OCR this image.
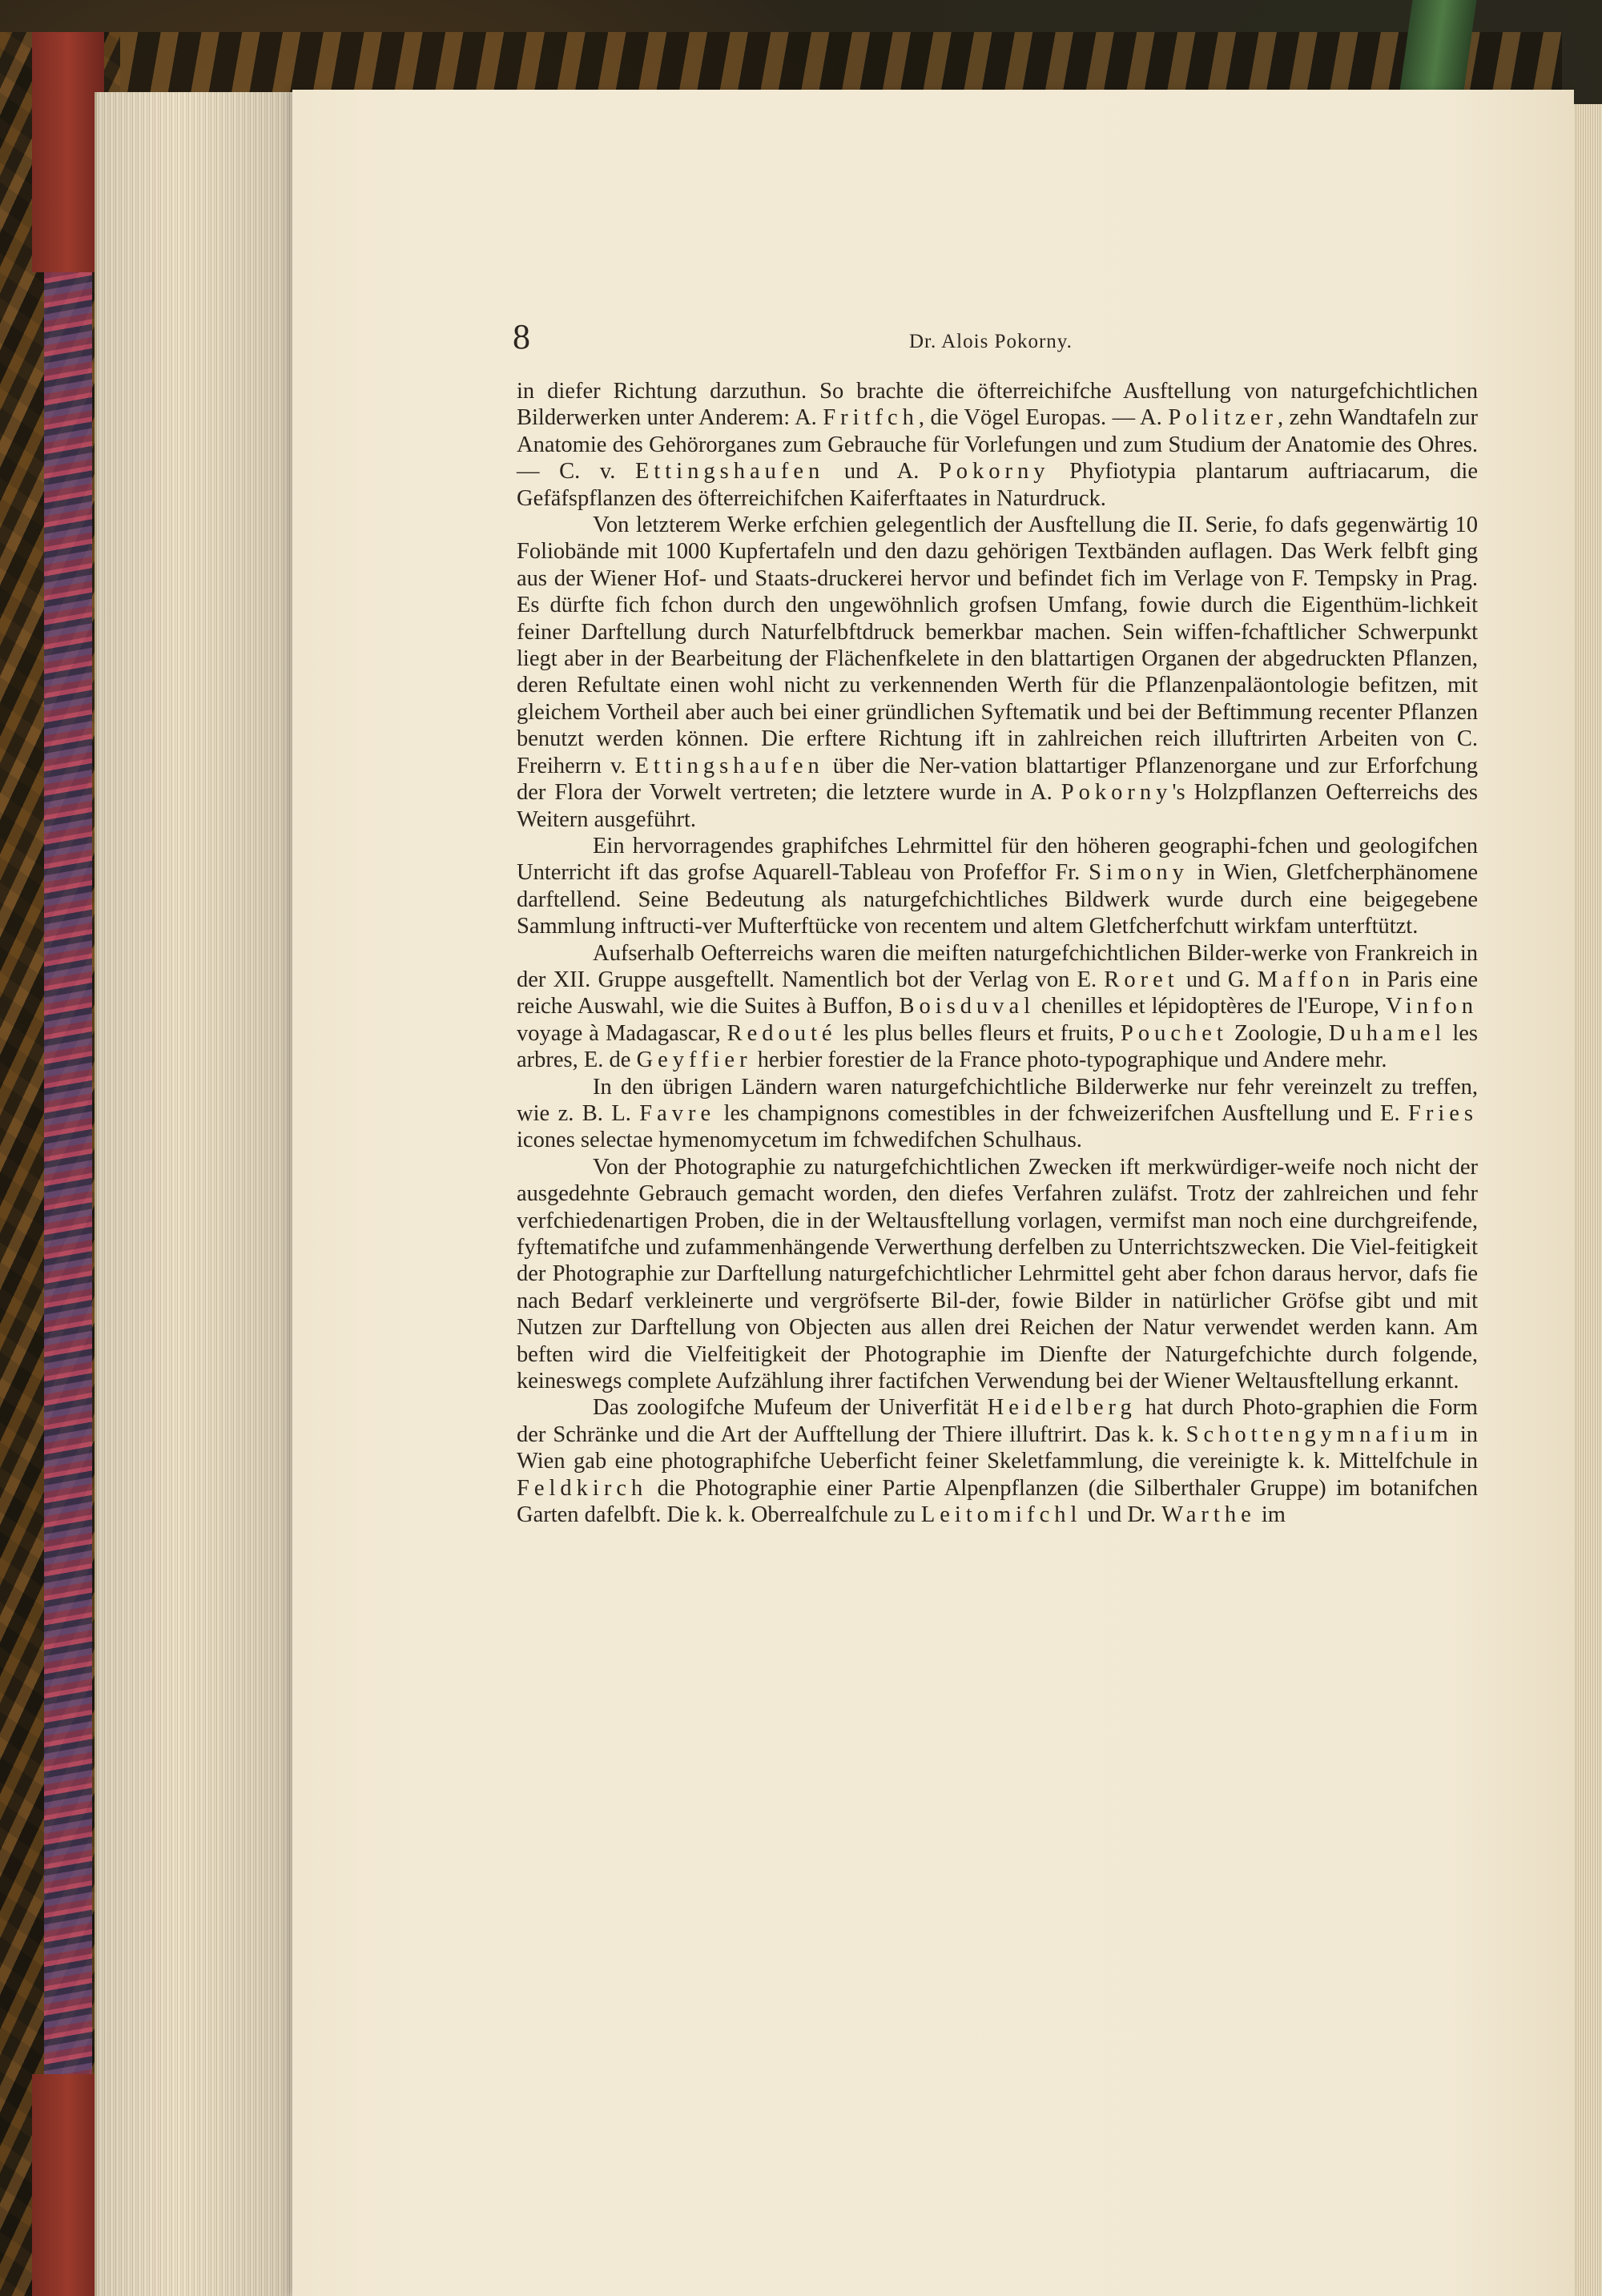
8	Dr. Alois Pokorny.

in diefer Richtung darzuthun. So brachte die öfterreichifche Ausftellung von naturgefchichtlichen Bilderwerken unter Anderem: A. Fritfch, die Vögel Europas. — A. Politzer, zehn Wandtafeln zur Anatomie des Gehörorganes zum Gebrauche für Vorlefungen und zum Studium der Anatomie des Ohres. — C. v. Ettingshaufen und A. Pokorny Phyfiotypia plantarum auftriacarum, die Gefäfspflanzen des öfterreichifchen Kaiferftaates in Naturdruck.

Von letzterem Werke erfchien gelegentlich der Ausftellung die II. Serie, fo dafs gegenwärtig 10 Foliobände mit 1000 Kupfertafeln und den dazu gehörigen Textbänden auflagen. Das Werk felbft ging aus der Wiener Hof- und Staats-druckerei hervor und befindet fich im Verlage von F. Tempsky in Prag. Es dürfte fich fchon durch den ungewöhnlich grofsen Umfang, fowie durch die Eigenthüm-lichkeit feiner Darftellung durch Naturfelbftdruck bemerkbar machen. Sein wiffen-fchaftlicher Schwerpunkt liegt aber in der Bearbeitung der Flächenfkelete in den blattartigen Organen der abgedruckten Pflanzen, deren Refultate einen wohl nicht zu verkennenden Werth für die Pflanzenpaläontologie befitzen, mit gleichem Vortheil aber auch bei einer gründlichen Syftematik und bei der Beftimmung recenter Pflanzen benutzt werden können. Die erftere Richtung ift in zahlreichen reich illuftrirten Arbeiten von C. Freiherrn v. Ettingshaufen über die Ner-vation blattartiger Pflanzenorgane und zur Erforfchung der Flora der Vorwelt vertreten; die letztere wurde in A. Pokorny's Holzpflanzen Oefterreichs des Weitern ausgeführt.

Ein hervorragendes graphifches Lehrmittel für den höheren geographi-fchen und geologifchen Unterricht ift das grofse Aquarell-Tableau von Profeffor Fr. Simony in Wien, Gletfcherphänomene darftellend. Seine Bedeutung als naturgefchichtliches Bildwerk wurde durch eine beigegebene Sammlung inftructi-ver Mufterftücke von recentem und altem Gletfcherfchutt wirkfam unterftützt.

Aufserhalb Oefterreichs waren die meiften naturgefchichtlichen Bilder-werke von Frankreich in der XII. Gruppe ausgeftellt. Namentlich bot der Verlag von E. Roret und G. Maffon in Paris eine reiche Auswahl, wie die Suites à Buffon, Boisduval chenilles et lépidoptères de l'Europe, Vinfon voyage à Madagascar, Redouté les plus belles fleurs et fruits, Pouchet Zoologie, Duhamel les arbres, E. de Geyffier herbier forestier de la France photo-typographique und Andere mehr.

In den übrigen Ländern waren naturgefchichtliche Bilderwerke nur fehr vereinzelt zu treffen, wie z. B. L. Favre les champignons comestibles in der fchweizerifchen Ausftellung und E. Fries icones selectae hymenomycetum im fchwedifchen Schulhaus.

Von der Photographie zu naturgefchichtlichen Zwecken ift merkwürdiger-weife noch nicht der ausgedehnte Gebrauch gemacht worden, den diefes Verfahren zuläfst. Trotz der zahlreichen und fehr verfchiedenartigen Proben, die in der Weltausftellung vorlagen, vermifst man noch eine durchgreifende, fyftematifche und zufammenhängende Verwerthung derfelben zu Unterrichtszwecken. Die Viel-feitigkeit der Photographie zur Darftellung naturgefchichtlicher Lehrmittel geht aber fchon daraus hervor, dafs fie nach Bedarf verkleinerte und vergröfserte Bil-der, fowie Bilder in natürlicher Gröfse gibt und mit Nutzen zur Darftellung von Objecten aus allen drei Reichen der Natur verwendet werden kann. Am beften wird die Vielfeitigkeit der Photographie im Dienfte der Naturgefchichte durch folgende, keineswegs complete Aufzählung ihrer factifchen Verwendung bei der Wiener Weltausftellung erkannt.

Das zoologifche Mufeum der Univerfität Heidelberg hat durch Photo-graphien die Form der Schränke und die Art der Aufftellung der Thiere illuftrirt. Das k. k. Schottengymnafium in Wien gab eine photographifche Ueberficht feiner Skeletfammlung, die vereinigte k. k. Mittelfchule in Feldkirch die Photographie einer Partie Alpenpflanzen (die Silberthaler Gruppe) im botanifchen Garten dafelbft. Die k. k. Oberrealfchule zu Leitomifchl und Dr. Warthe im
